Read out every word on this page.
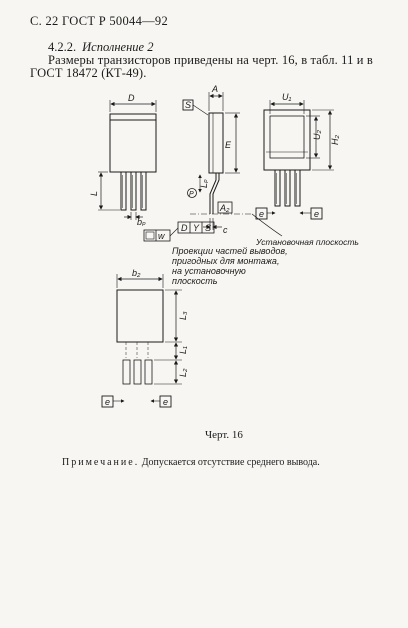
С. 22 ГОСТ Р 50044—92
4.2.2. Исполнение 2
Размеры транзисторов приведены на черт. 16, в табл. 11 и в
ГОСТ 18472 (КТ-49).
D
A
U₁
U₂
H₂
E
L
Lₚ
bₚ
A₂
c
S
P
w
D Y S
e	e
Установочная плоскость
b₂
L₃
L₁
L₂
e	e
Проекции частей выводов,
пригодных для монтажа,
на установочную плоскость
Черт. 16
Примечание. Допускается отсутствие среднего вывода.
